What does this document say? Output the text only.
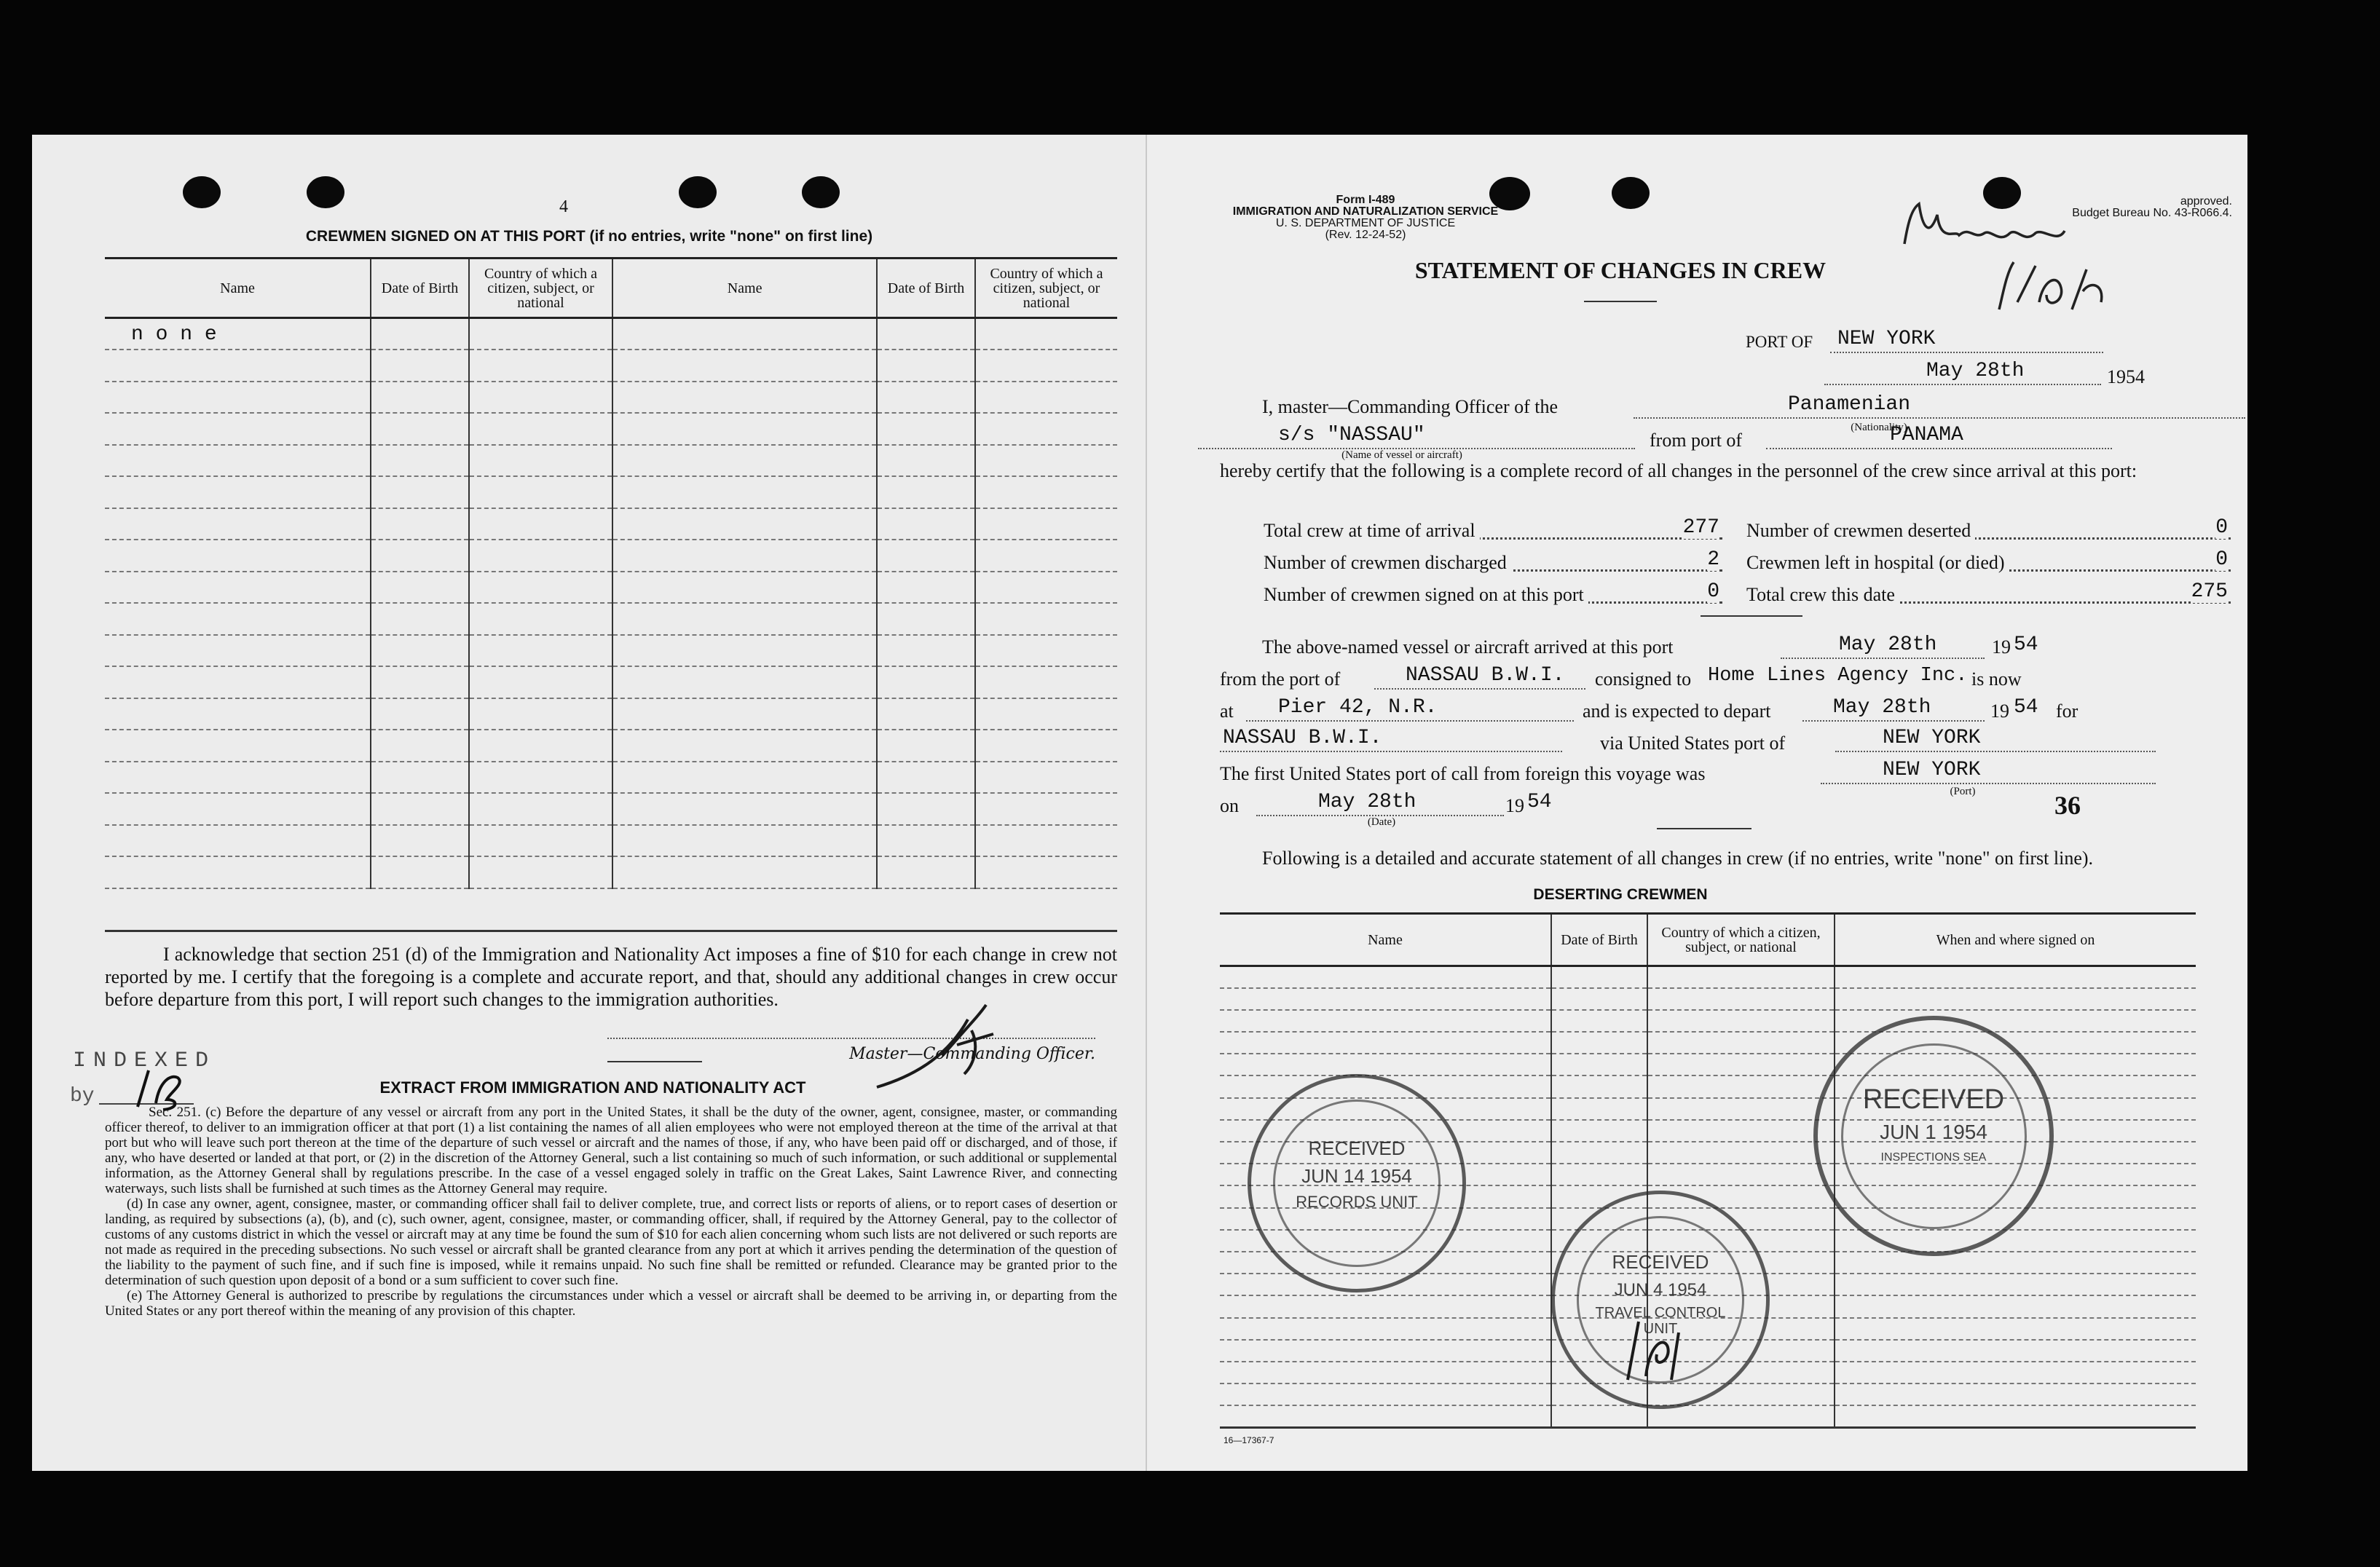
4
CREWMEN SIGNED ON AT THIS PORT (if no entries, write "none" on first line)
Name	Date of Birth	Country of which a citizen, subject, or national	Name	Date of Birth	Country of which a citizen, subject, or national
n o n e					

I acknowledge that section 251 (d) of the Immigration and Nationality Act imposes a fine of $10 for each change in crew not reported by me. I certify that the foregoing is a complete and accurate report, and that, should any additional changes in crew occur before departure from this port, I will report such changes to the immigration authorities.
Master—Commanding Officer.
INDEXED
by	EXTRACT FROM IMMIGRATION AND NATIONALITY ACT

Sec. 251. (c) Before the departure of any vessel or aircraft from any port in the United States, it shall be the duty of the owner, agent, consignee, master, or commanding officer thereof, to deliver to an immigration officer at that port (1) a list containing the names of all alien employees who were not employed thereon at the time of the arrival at that port but who will leave such port thereon at the time of the departure of such vessel or aircraft and the names of those, if any, who have been paid off or discharged, and of those, if any, who have deserted or landed at that port, or (2) in the discretion of the Attorney General, such a list containing so much of such information, or such additional or supplemental information, as the Attorney General shall by regulations prescribe. In the case of a vessel engaged solely in traffic on the Great Lakes, Saint Lawrence River, and connecting waterways, such lists shall be furnished at such times as the Attorney General may require.

(d) In case any owner, agent, consignee, master, or commanding officer shall fail to deliver complete, true, and correct lists or reports of aliens, or to report cases of desertion or landing, as required by subsections (a), (b), and (c), such owner, agent, consignee, master, or commanding officer, shall, if required by the Attorney General, pay to the collector of customs of any customs district in which the vessel or aircraft may at any time be found the sum of $10 for each alien concerning whom such lists are not delivered or such reports are not made as required in the preceding subsections. No such vessel or aircraft shall be granted clearance from any port at which it arrives pending the determination of the question of the liability to the payment of such fine, and if such fine is imposed, while it remains unpaid. No such fine shall be remitted or refunded. Clearance may be granted prior to the determination of such question upon deposit of a bond or a sum sufficient to cover such fine.

(e) The Attorney General is authorized to prescribe by regulations the circumstances under which a vessel or aircraft shall be deemed to be arriving in, or departing from the United States or any port thereof within the meaning of any provision of this chapter.

Form I-489
IMMIGRATION AND NATURALIZATION SERVICE
U. S. DEPARTMENT OF JUSTICE
(Rev. 12-24-52)
approved.
Budget Bureau No. 43-R066.4.
Nassau 5/28/54
STATEMENT OF CHANGES IN CREW
PORT OF NEW YORK
May 28th	1954
I, master—Commanding Officer of the	Panamenian
(Nationality)
s/s "NASSAU"
(Name of vessel or aircraft)
from port of	PANAMA
hereby certify that the following is a complete record of all changes in the personnel of the crew since arrival at this port:
Total crew at time of arrival	277
Number of crewmen discharged	2
Number of crewmen signed on at this port	0
Number of crewmen deserted	0
Crewmen left in hospital (or died)	0
Total crew this date	275
The above-named vessel or aircraft arrived at this port	May 28th	19 54
from the port of	NASSAU B.W.I. consigned to Home Lines Agency Inc. is now
at Pier 42, N.R.	and is expected to depart	May 28th	19 54 for
NASSAU B.W.I.	via United States port of	NEW YORK
The first United States port of call from foreign this voyage was	NEW YORK
(Port)
on	May 28th
(Date)
19 54	36
Following is a detailed and accurate statement of all changes in crew (if no entries, write "none" on first line).
DESERTING CREWMEN
Name	Date of Birth	Country of which a citizen, subject, or national	When and where signed on

16—17367-7
RECEIVED
JUN 14 1954
RECORDS UNIT
RECEIVED
JUN 4 1954
TRAVEL CONTROL UNIT
RECEIVED
JUN 1 1954
INSPECTIONS SEA
